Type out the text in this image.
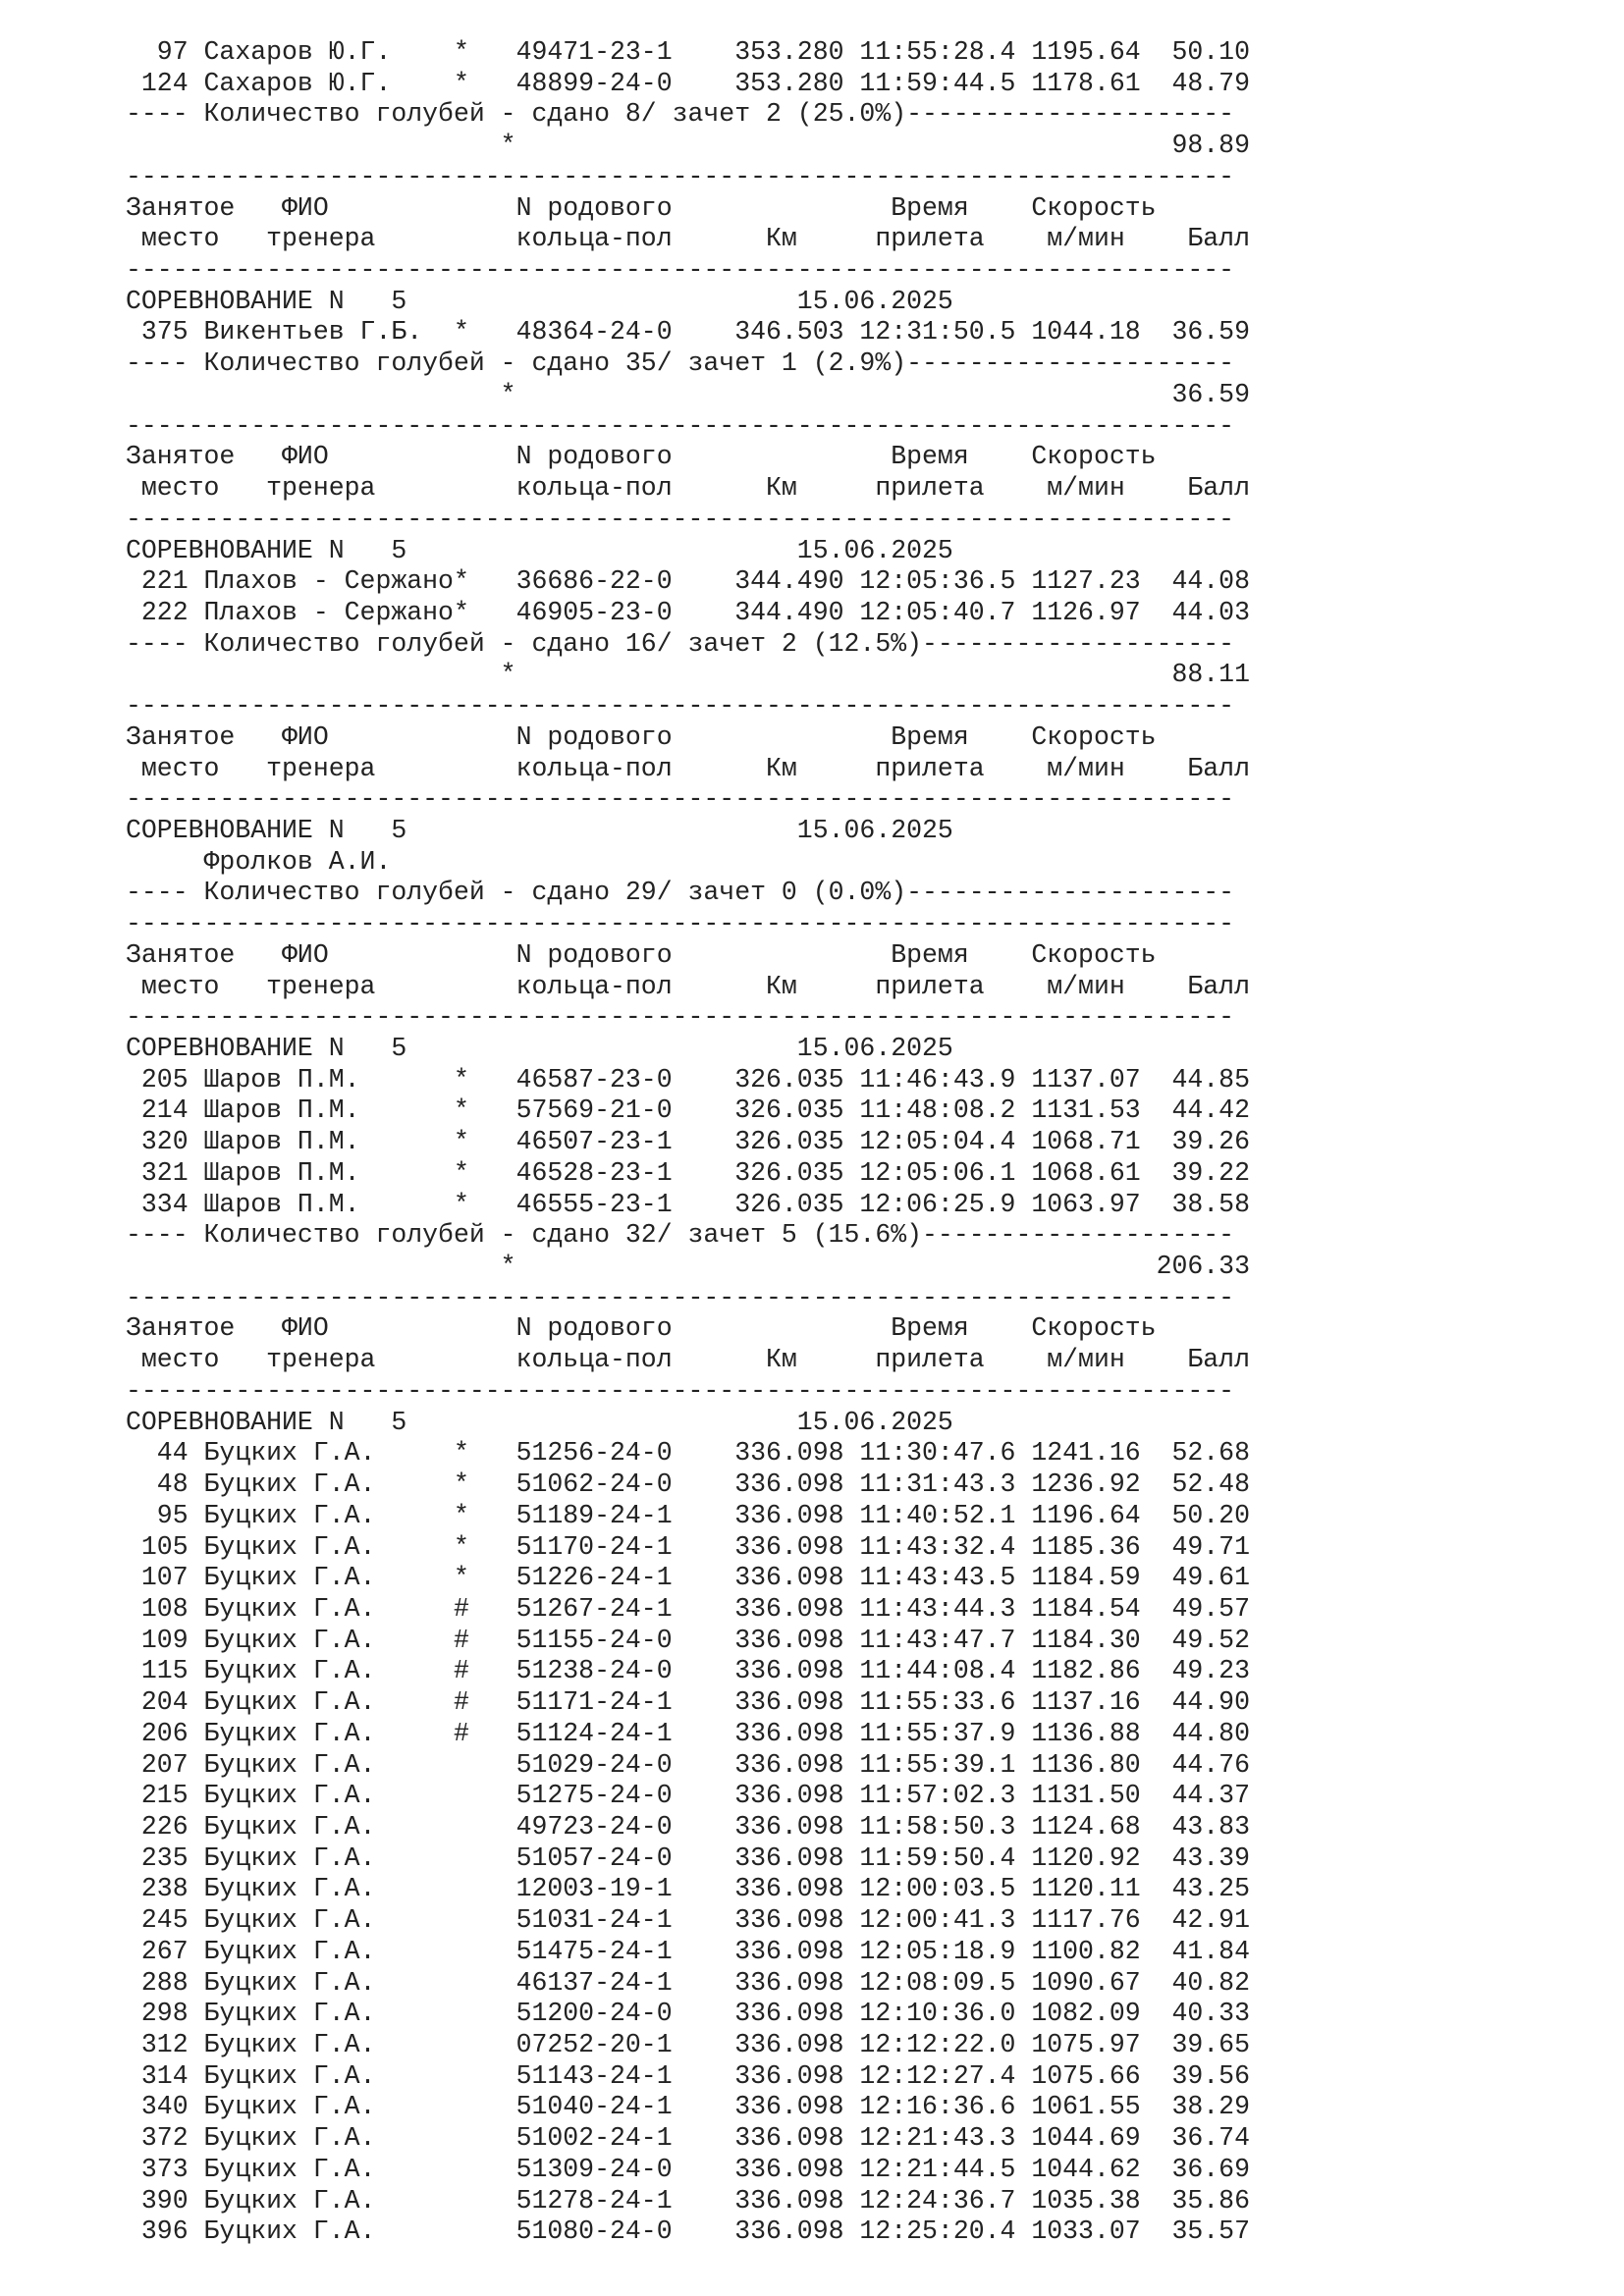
97 Сахаров Ю.Г.    *   49471-23-1    353.280 11:55:28.4 1195.64  50.10
124 Сахаров Ю.Г.    *   48899-24-0    353.280 11:59:44.5 1178.61  48.79
---- Количество голубей - сдано 8/ зачет 2 (25.0%)---------------------
*                                          98.89
-----------------------------------------------------------------------
Занятое   ФИО            N родового              Время    Скорость
место   тренера         кольца-пол      Км     прилета    м/мин    Балл
-----------------------------------------------------------------------
СОРЕВНОВАНИЕ N   5                         15.06.2025
375 Викентьев Г.Б.  *   48364-24-0    346.503 12:31:50.5 1044.18  36.59
---- Количество голубей - сдано 35/ зачет 1 (2.9%)---------------------
*                                          36.59
-----------------------------------------------------------------------
Занятое   ФИО            N родового              Время    Скорость
место   тренера         кольца-пол      Км     прилета    м/мин    Балл
-----------------------------------------------------------------------
СОРЕВНОВАНИЕ N   5                         15.06.2025
221 Плахов - Сержано*   36686-22-0    344.490 12:05:36.5 1127.23  44.08
222 Плахов - Сержано*   46905-23-0    344.490 12:05:40.7 1126.97  44.03
---- Количество голубей - сдано 16/ зачет 2 (12.5%)--------------------
*                                          88.11
-----------------------------------------------------------------------
Занятое   ФИО            N родового              Время    Скорость
место   тренера         кольца-пол      Км     прилета    м/мин    Балл
-----------------------------------------------------------------------
СОРЕВНОВАНИЕ N   5                         15.06.2025
Фролков А.И.
---- Количество голубей - сдано 29/ зачет 0 (0.0%)---------------------
-----------------------------------------------------------------------
Занятое   ФИО            N родового              Время    Скорость
место   тренера         кольца-пол      Км     прилета    м/мин    Балл
-----------------------------------------------------------------------
СОРЕВНОВАНИЕ N   5                         15.06.2025
205 Шаров П.М.      *   46587-23-0    326.035 11:46:43.9 1137.07  44.85
214 Шаров П.М.      *   57569-21-0    326.035 11:48:08.2 1131.53  44.42
320 Шаров П.М.      *   46507-23-1    326.035 12:05:04.4 1068.71  39.26
321 Шаров П.М.      *   46528-23-1    326.035 12:05:06.1 1068.61  39.22
334 Шаров П.М.      *   46555-23-1    326.035 12:06:25.9 1063.97  38.58
---- Количество голубей - сдано 32/ зачет 5 (15.6%)--------------------
*                                         206.33
-----------------------------------------------------------------------
Занятое   ФИО            N родового              Время    Скорость
место   тренера         кольца-пол      Км     прилета    м/мин    Балл
-----------------------------------------------------------------------
СОРЕВНОВАНИЕ N   5                         15.06.2025
44 Буцких Г.А.     *   51256-24-0    336.098 11:30:47.6 1241.16  52.68
48 Буцких Г.А.     *   51062-24-0    336.098 11:31:43.3 1236.92  52.48
95 Буцких Г.А.     *   51189-24-1    336.098 11:40:52.1 1196.64  50.20
105 Буцких Г.А.     *   51170-24-1    336.098 11:43:32.4 1185.36  49.71
107 Буцких Г.А.     *   51226-24-1    336.098 11:43:43.5 1184.59  49.61
108 Буцких Г.А.     #   51267-24-1    336.098 11:43:44.3 1184.54  49.57
109 Буцких Г.А.     #   51155-24-0    336.098 11:43:47.7 1184.30  49.52
115 Буцких Г.А.     #   51238-24-0    336.098 11:44:08.4 1182.86  49.23
204 Буцких Г.А.     #   51171-24-1    336.098 11:55:33.6 1137.16  44.90
206 Буцких Г.А.     #   51124-24-1    336.098 11:55:37.9 1136.88  44.80
207 Буцких Г.А.         51029-24-0    336.098 11:55:39.1 1136.80  44.76
215 Буцких Г.А.         51275-24-0    336.098 11:57:02.3 1131.50  44.37
226 Буцких Г.А.         49723-24-0    336.098 11:58:50.3 1124.68  43.83
235 Буцких Г.А.         51057-24-0    336.098 11:59:50.4 1120.92  43.39
238 Буцких Г.А.         12003-19-1    336.098 12:00:03.5 1120.11  43.25
245 Буцких Г.А.         51031-24-1    336.098 12:00:41.3 1117.76  42.91
267 Буцких Г.А.         51475-24-1    336.098 12:05:18.9 1100.82  41.84
288 Буцких Г.А.         46137-24-1    336.098 12:08:09.5 1090.67  40.82
298 Буцких Г.А.         51200-24-0    336.098 12:10:36.0 1082.09  40.33
312 Буцких Г.А.         07252-20-1    336.098 12:12:22.0 1075.97  39.65
314 Буцких Г.А.         51143-24-1    336.098 12:12:27.4 1075.66  39.56
340 Буцких Г.А.         51040-24-1    336.098 12:16:36.6 1061.55  38.29
372 Буцких Г.А.         51002-24-1    336.098 12:21:43.3 1044.69  36.74
373 Буцких Г.А.         51309-24-0    336.098 12:21:44.5 1044.62  36.69
390 Буцких Г.А.         51278-24-1    336.098 12:24:36.7 1035.38  35.86
396 Буцких Г.А.         51080-24-0    336.098 12:25:20.4 1033.07  35.57
